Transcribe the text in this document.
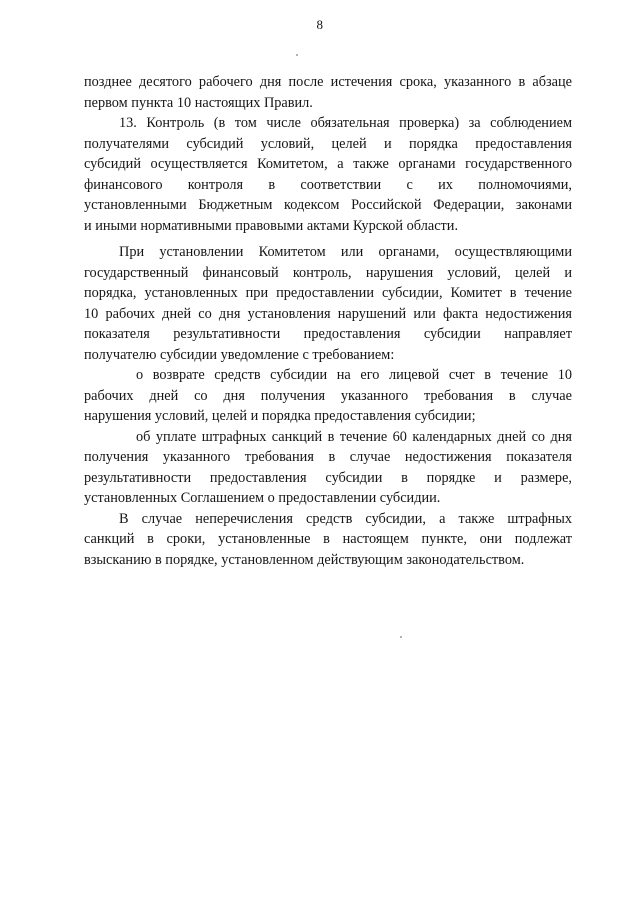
8
позднее десятого рабочего дня после истечения срока, указанного в абзаце
первом пункта 10 настоящих Правил.
13. Контроль (в том числе обязательная проверка) за соблюдением
получателями субсидий условий, целей и порядка предоставления
субсидий осуществляется Комитетом, а также органами государственного
финансового контроля в соответствии с их полномочиями,
установленными Бюджетным кодексом Российской Федерации, законами
и иными нормативными правовыми актами Курской области.
При установлении Комитетом или органами, осуществляющими
государственный финансовый контроль, нарушения условий, целей и
порядка, установленных при предоставлении субсидии, Комитет в течение
10 рабочих дней со дня установления нарушений или факта недостижения
показателя результативности предоставления субсидии направляет
получателю субсидии уведомление с требованием:
о возврате средств субсидии на его лицевой счет в течение 10
рабочих дней со дня получения указанного требования в случае
нарушения условий, целей и порядка предоставления субсидии;
об уплате штрафных санкций в течение 60 календарных дней со дня
получения указанного требования в случае недостижения показателя
результативности предоставления субсидии в порядке и размере,
установленных Соглашением о предоставлении субсидии.
В случае неперечисления средств субсидии, а также штрафных
санкций в сроки, установленные в настоящем пункте, они подлежат
взысканию в порядке, установленном действующим законодательством.
